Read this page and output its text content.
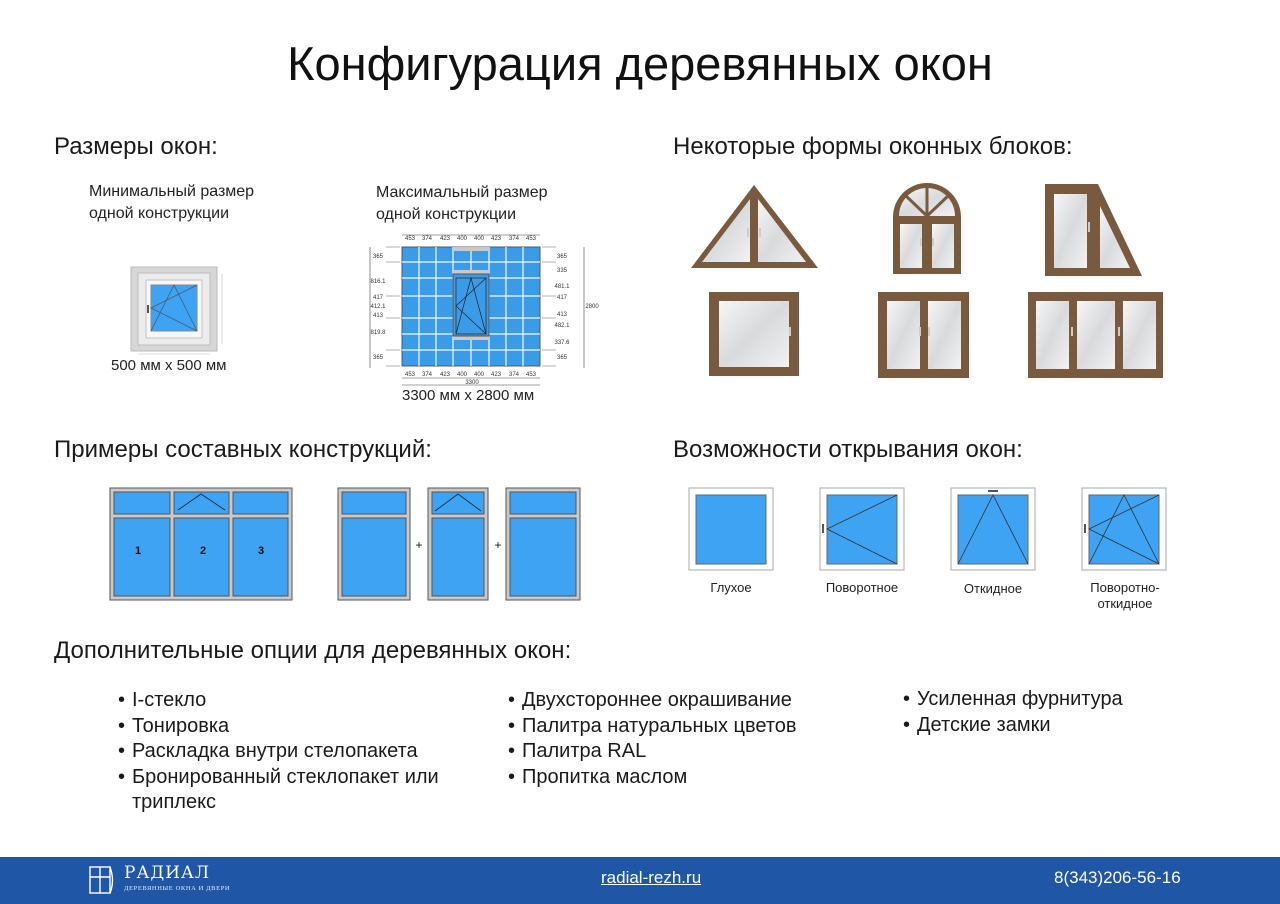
Конфигурация деревянных окон
Размеры окон:
Минимальный размер
одной конструкции
500 мм х 500 мм
Максимальный размер
одной конструкции
453 374 423 400 400 423 374 453
453 374 423 400 400 423 374 453
3300
2800
365
816.1
417
412.1
413
819.8
365
365
335
481.1
417
413
482.1
337.6
365
3300 мм х 2800 мм
Некоторые формы оконных блоков:
Примеры составных конструкций:
1	2	3	+	+
Возможности открывания окон:
Глухое	Поворотное	Откидное	Поворотно-
откидное
Дополнительные опции для деревянных окон:
• I-стекло
• Тонировка
• Раскладка внутри стелопакета
• Бронированный стеклопакет или
триплекс
• Двухстороннее окрашивание
• Палитра натуральных цветов
• Палитра RAL
• Пропитка маслом
• Усиленная фурнитура
• Детские замки
РАДИАЛ
ДЕРЕВЯННЫЕ ОКНА И ДВЕРИ
radial-rezh.ru	8(343)206-56-16
